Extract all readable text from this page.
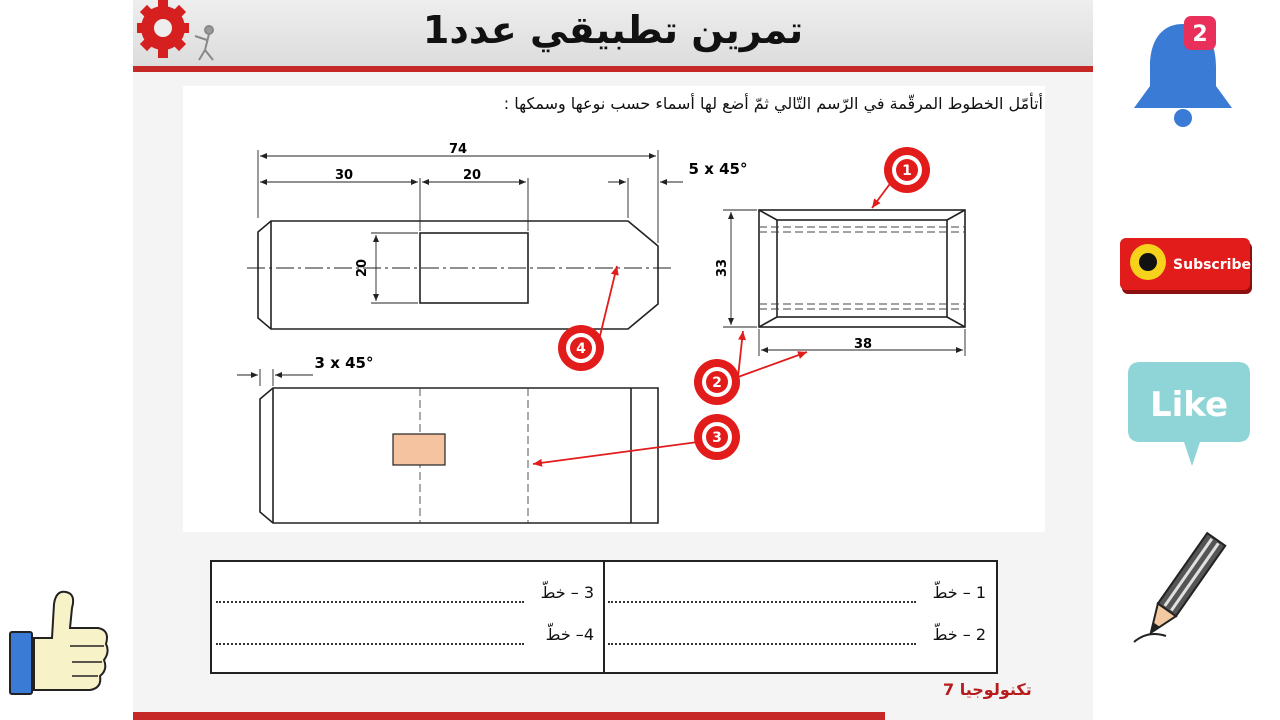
تمرين تطبيقي عدد1
أتأمّل الخطوط المرقّمة في الرّسم التّالي ثمّ أضع لها أسماء حسب نوعها وسمكها :
74
30	20	5 x 45°
20	33
38
3 x 45°
1
2
3
4
1 – خطّ
2 – خطّ
3 – خطّ
4– خطّ
تكنولوجيا 7
2
Subscribe
Like
